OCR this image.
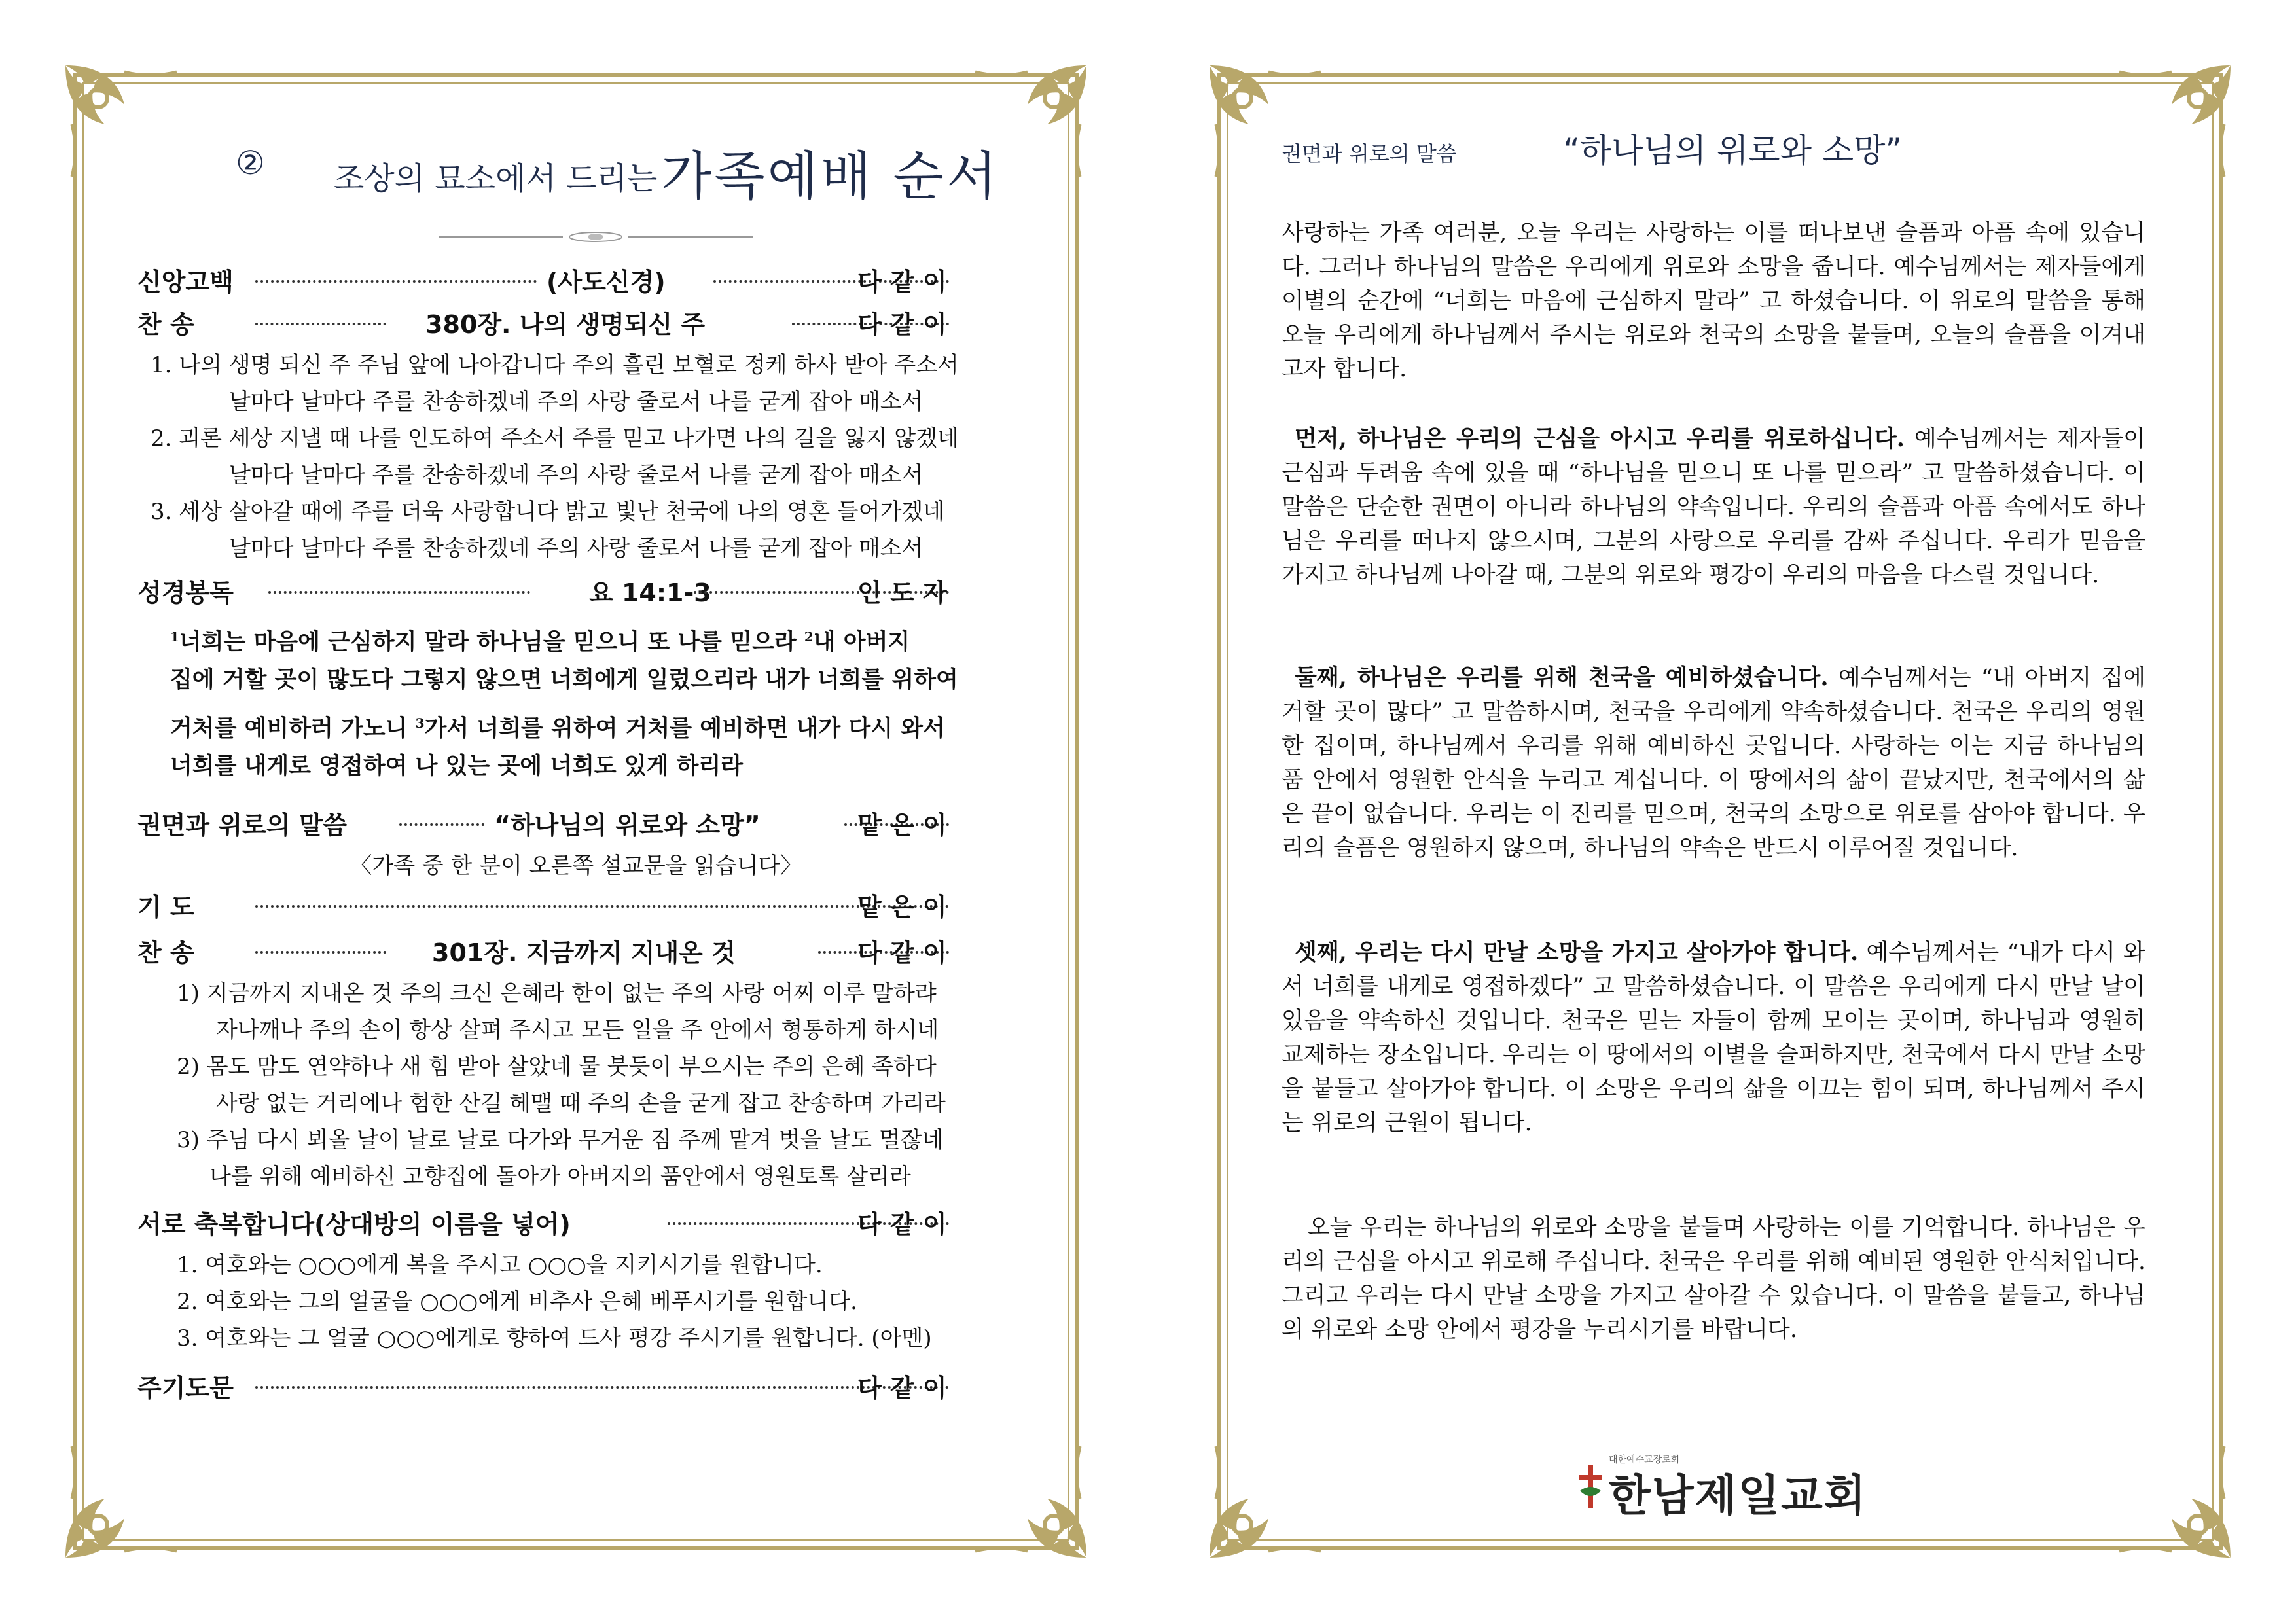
② 조상의 묘소에서 드리는 가족예배 순서
신앙고백	(사도신경)	다 같 이
찬 송	380장. 나의 생명되신 주	다 같 이
1. 나의 생명 되신 주 주님 앞에 나아갑니다 주의 흘린 보혈로 정케 하사 받아 주소서
날마다 날마다 주를 찬송하겠네 주의 사랑 줄로서 나를 굳게 잡아 매소서
2. 괴론 세상 지낼 때 나를 인도하여 주소서 주를 믿고 나가면 나의 길을 잃지 않겠네
날마다 날마다 주를 찬송하겠네 주의 사랑 줄로서 나를 굳게 잡아 매소서
3. 세상 살아갈 때에 주를 더욱 사랑합니다 밝고 빛난 천국에 나의 영혼 들어가겠네
날마다 날마다 주를 찬송하겠네 주의 사랑 줄로서 나를 굳게 잡아 매소서
성경봉독	요 14:1-3	인 도 자
$^1$너희는 마음에 근심하지 말라 하나님을 믿으니 또 나를 믿으라 $^2$내 아버지
집에 거할 곳이 많도다 그렇지 않으면 너희에게 일렀으리라 내가 너희를 위하여
거처를 예비하러 가노니 $^3$가서 너희를 위하여 거처를 예비하면 내가 다시 와서
너희를 내게로 영접하여 나 있는 곳에 너희도 있게 하리라
권면과 위로의 말씀	“하나님의 위로와 소망”	맡 은 이
〈가족 중 한 분이 오른쪽 설교문을 읽습니다〉
기 도	맡 은 이
찬 송	301장. 지금까지 지내온 것	다 같 이
1) 지금까지 지내온 것 주의 크신 은혜라 한이 없는 주의 사랑 어찌 이루 말하랴
자나깨나 주의 손이 항상 살펴 주시고 모든 일을 주 안에서 형통하게 하시네
2) 몸도 맘도 연약하나 새 힘 받아 살았네 물 붓듯이 부으시는 주의 은혜 족하다
사랑 없는 거리에나 험한 산길 헤맬 때 주의 손을 굳게 잡고 찬송하며 가리라
3) 주님 다시 뵈올 날이 날로 날로 다가와 무거운 짐 주께 맡겨 벗을 날도 멀잖네
나를 위해 예비하신 고향집에 돌아가 아버지의 품안에서 영원토록 살리라
서로 축복합니다(상대방의 이름을 넣어)	다 같 이
1. 여호와는 ○○○에게 복을 주시고 ○○○을 지키시기를 원합니다.
2. 여호와는 그의 얼굴을 ○○○에게 비추사 은혜 베푸시기를 원합니다.
3. 여호와는 그 얼굴 ○○○에게로 향하여 드사 평강 주시기를 원합니다. (아멘)
주기도문	다 같 이
권면과 위로의 말씀	“하나님의 위로와 소망”
사랑하는 가족 여러분, 오늘 우리는 사랑하는 이를 떠나보낸 슬픔과 아픔 속에 있습니다. 그러나 하나님의 말씀은 우리에게 위로와 소망을 줍니다. 예수님께서는 제자들에게 이별의 순간에 “너희는 마음에 근심하지 말라” 고 하셨습니다. 이 위로의 말씀을 통해 오늘 우리에게 하나님께서 주시는 위로와 천국의 소망을 붙들며, 오늘의 슬픔을 이겨내고자 합니다.
먼저, 하나님은 우리의 근심을 아시고 우리를 위로하십니다. 예수님께서는 제자들이 근심과 두려움 속에 있을 때 “하나님을 믿으니 또 나를 믿으라” 고 말씀하셨습니다. 이 말씀은 단순한 권면이 아니라 하나님의 약속입니다. 우리의 슬픔과 아픔 속에서도 하나님은 우리를 떠나지 않으시며, 그분의 사랑으로 우리를 감싸 주십니다. 우리가 믿음을 가지고 하나님께 나아갈 때, 그분의 위로와 평강이 우리의 마음을 다스릴 것입니다.
둘째, 하나님은 우리를 위해 천국을 예비하셨습니다. 예수님께서는 “내 아버지 집에 거할 곳이 많다” 고 말씀하시며, 천국을 우리에게 약속하셨습니다. 천국은 우리의 영원한 집이며, 하나님께서 우리를 위해 예비하신 곳입니다. 사랑하는 이는 지금 하나님의 품 안에서 영원한 안식을 누리고 계십니다. 이 땅에서의 삶이 끝났지만, 천국에서의 삶은 끝이 없습니다. 우리는 이 진리를 믿으며, 천국의 소망으로 위로를 삼아야 합니다. 우리의 슬픔은 영원하지 않으며, 하나님의 약속은 반드시 이루어질 것입니다.
셋째, 우리는 다시 만날 소망을 가지고 살아가야 합니다. 예수님께서는 “내가 다시 와서 너희를 내게로 영접하겠다” 고 말씀하셨습니다. 이 말씀은 우리에게 다시 만날 날이 있음을 약속하신 것입니다. 천국은 믿는 자들이 함께 모이는 곳이며, 하나님과 영원히 교제하는 장소입니다. 우리는 이 땅에서의 이별을 슬퍼하지만, 천국에서 다시 만날 소망을 붙들고 살아가야 합니다. 이 소망은 우리의 삶을 이끄는 힘이 되며, 하나님께서 주시는 위로의 근원이 됩니다.
오늘 우리는 하나님의 위로와 소망을 붙들며 사랑하는 이를 기억합니다. 하나님은 우리의 근심을 아시고 위로해 주십니다. 천국은 우리를 위해 예비된 영원한 안식처입니다. 그리고 우리는 다시 만날 소망을 가지고 살아갈 수 있습니다. 이 말씀을 붙들고, 하나님의 위로와 소망 안에서 평강을 누리시기를 바랍니다.
대한예수교장로회
한남제일교회
